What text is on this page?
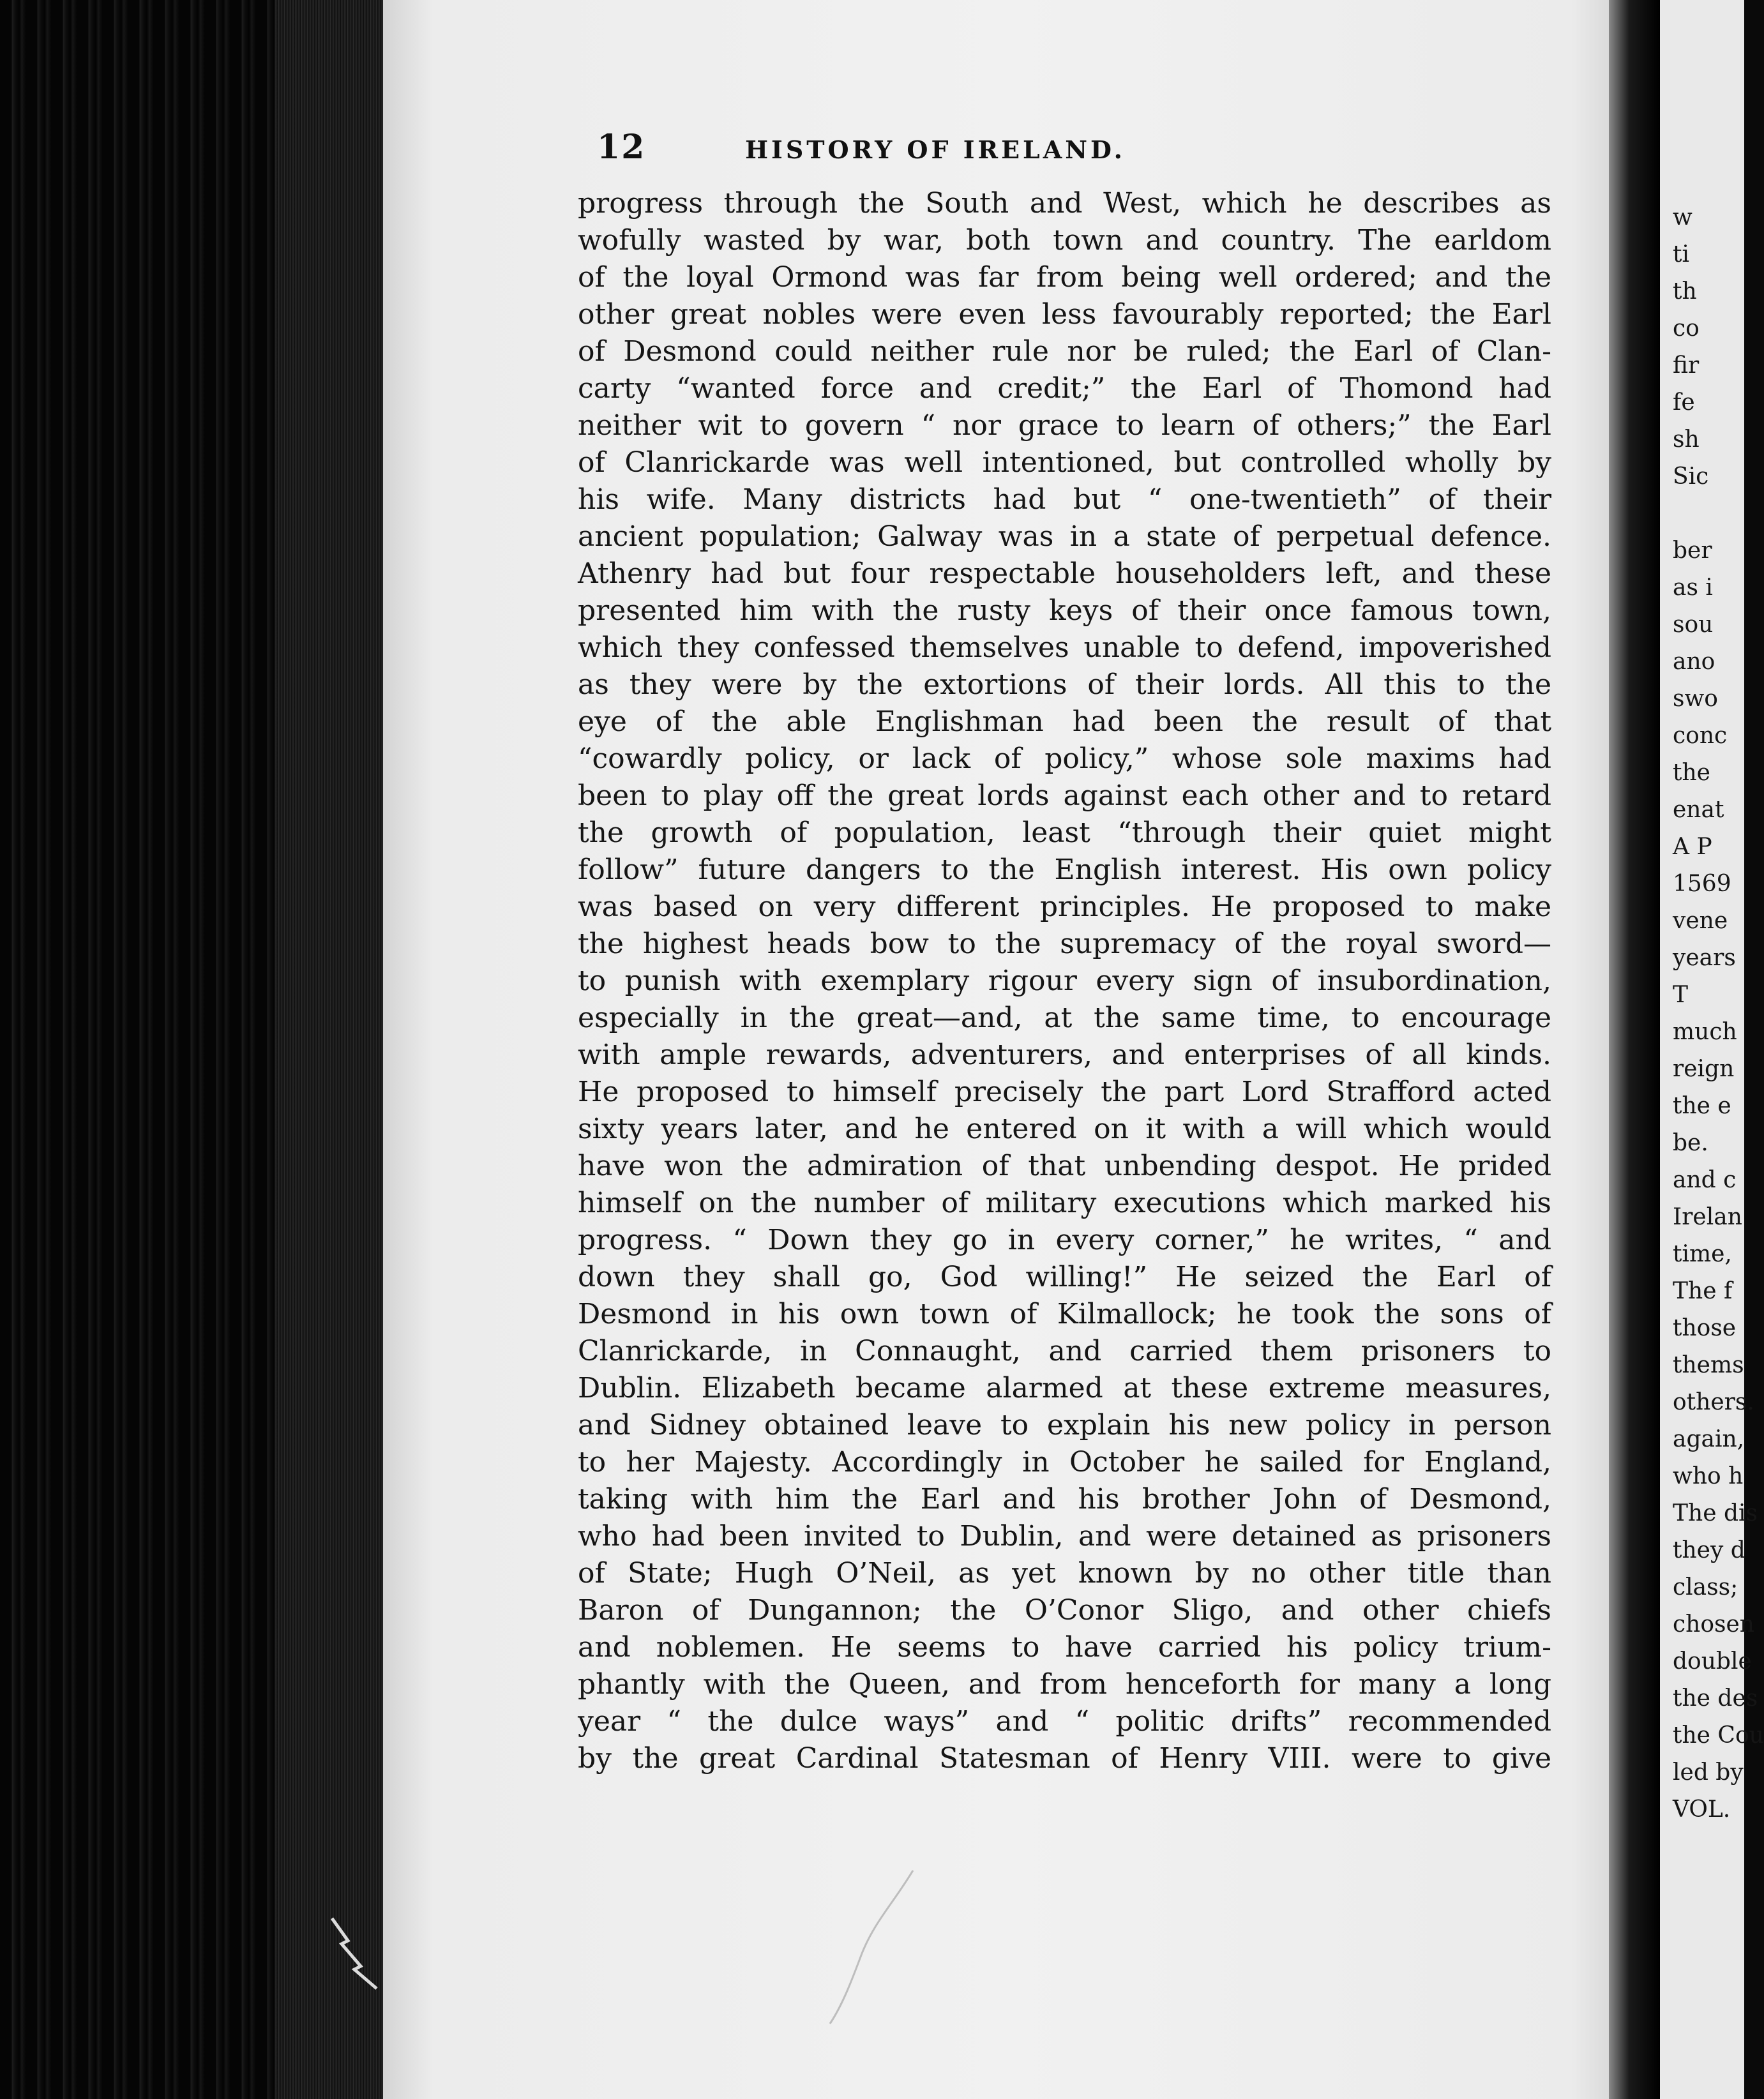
12	HISTORY OF IRELAND.
progress through the South and West, which he describes as
wofully wasted by war, both town and country. The earldom
of the loyal Ormond was far from being well ordered; and the
other great nobles were even less favourably reported; the Earl
of Desmond could neither rule nor be ruled; the Earl of Clan-
carty “wanted force and credit;” the Earl of Thomond had
neither wit to govern “ nor grace to learn of others;” the Earl
of Clanrickarde was well intentioned, but controlled wholly by
his wife. Many districts had but “ one-twentieth” of their
ancient population; Galway was in a state of perpetual defence.
Athenry had but four respectable householders left, and these
presented him with the rusty keys of their once famous town,
which they confessed themselves unable to defend, impoverished
as they were by the extortions of their lords. All this to the
eye of the able Englishman had been the result of that
“cowardly policy, or lack of policy,” whose sole maxims had
been to play off the great lords against each other and to retard
the growth of population, least “through their quiet might
follow” future dangers to the English interest. His own policy
was based on very different principles. He proposed to make
the highest heads bow to the supremacy of the royal sword—
to punish with exemplary rigour every sign of insubordination,
especially in the great—and, at the same time, to encourage
with ample rewards, adventurers, and enterprises of all kinds.
He proposed to himself precisely the part Lord Strafford acted
sixty years later, and he entered on it with a will which would
have won the admiration of that unbending despot. He prided
himself on the number of military executions which marked his
progress. “ Down they go in every corner,” he writes, “ and
down they shall go, God willing!” He seized the Earl of
Desmond in his own town of Kilmallock; he took the sons of
Clanrickarde, in Connaught, and carried them prisoners to
Dublin. Elizabeth became alarmed at these extreme measures,
and Sidney obtained leave to explain his new policy in person
to her Majesty. Accordingly in October he sailed for England,
taking with him the Earl and his brother John of Desmond,
who had been invited to Dublin, and were detained as prisoners
of State; Hugh O’Neil, as yet known by no other title than
Baron of Dungannon; the O’Conor Sligo, and other chiefs
and noblemen. He seems to have carried his policy trium-
phantly with the Queen, and from henceforth for many a long
year “ the dulce ways” and “ politic drifts” recommended
by the great Cardinal Statesman of Henry VIII. were to give
w
ti
th
co
fir
fe
sh
Sic
ber
as i
sou
ano
swo
conc
the
enat
A P
1569
vene
years
T
much
reign
the e
be.
and c
Irelan
time,
The f
those
thems
others.
again,
who h
The dis
they d
class;
chosen
double
the des
the Cou
led by
VOL.
